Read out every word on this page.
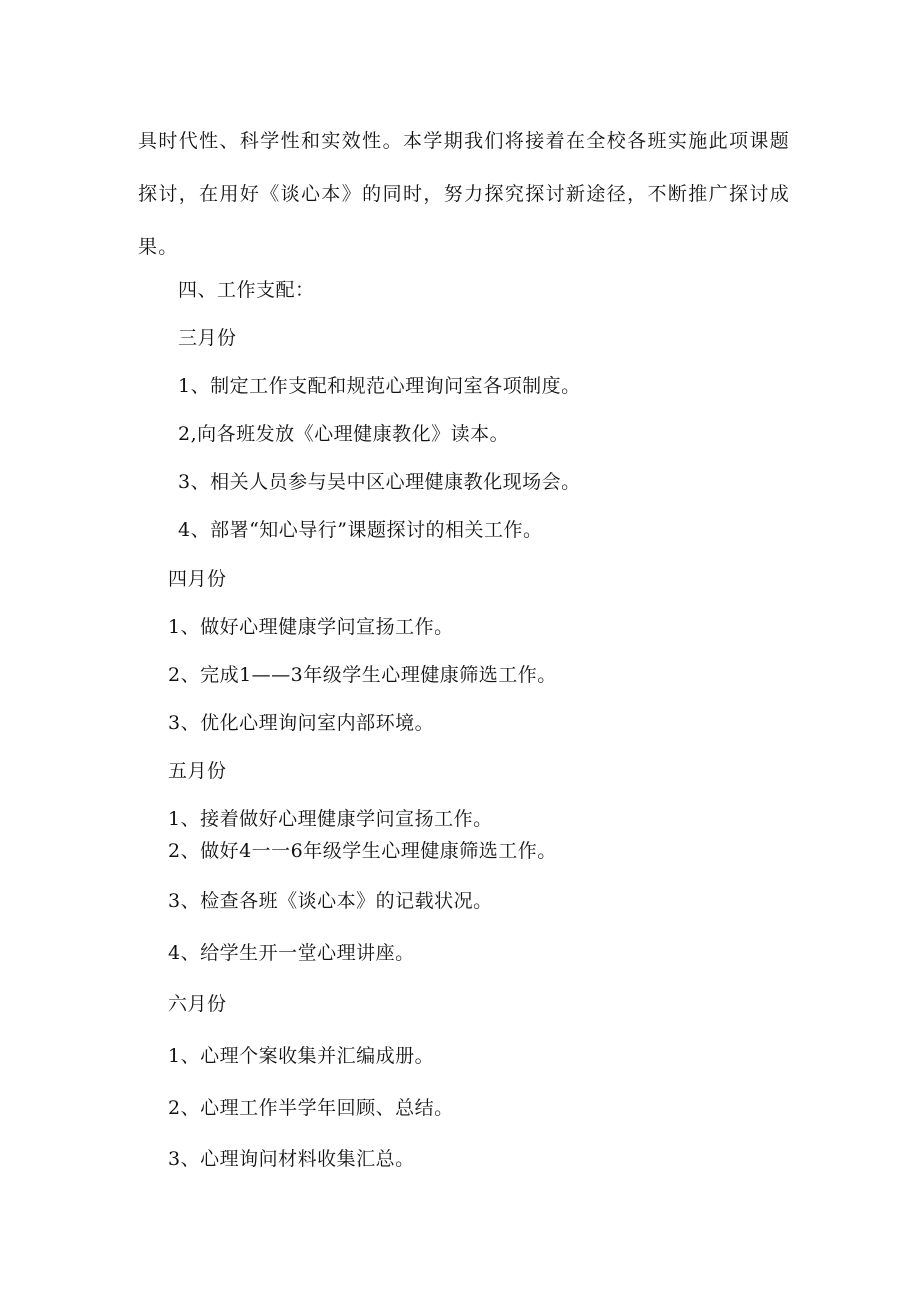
具时代性、科学性和实效性。本学期我们将接着在全校各班实施此项课题探讨，在用好《谈心本》的同时，努力探究探讨新途径，不断推广探讨成果。
四、工作支配：
三月份
1、制定工作支配和规范心理询问室各项制度。
2,向各班发放《心理健康教化》读本。
3、相关人员参与吴中区心理健康教化现场会。
4、部署“知心导行”课题探讨的相关工作。
四月份
1、做好心理健康学问宣扬工作。
2、完成1——3年级学生心理健康筛选工作。
3、优化心理询问室内部环境。
五月份
1、接着做好心理健康学问宣扬工作。
2、做好4一一6年级学生心理健康筛选工作。
3、检查各班《谈心本》的记载状况。
4、给学生开一堂心理讲座。
六月份
1、心理个案收集并汇编成册。
2、心理工作半学年回顾、总结。
3、心理询问材料收集汇总。
